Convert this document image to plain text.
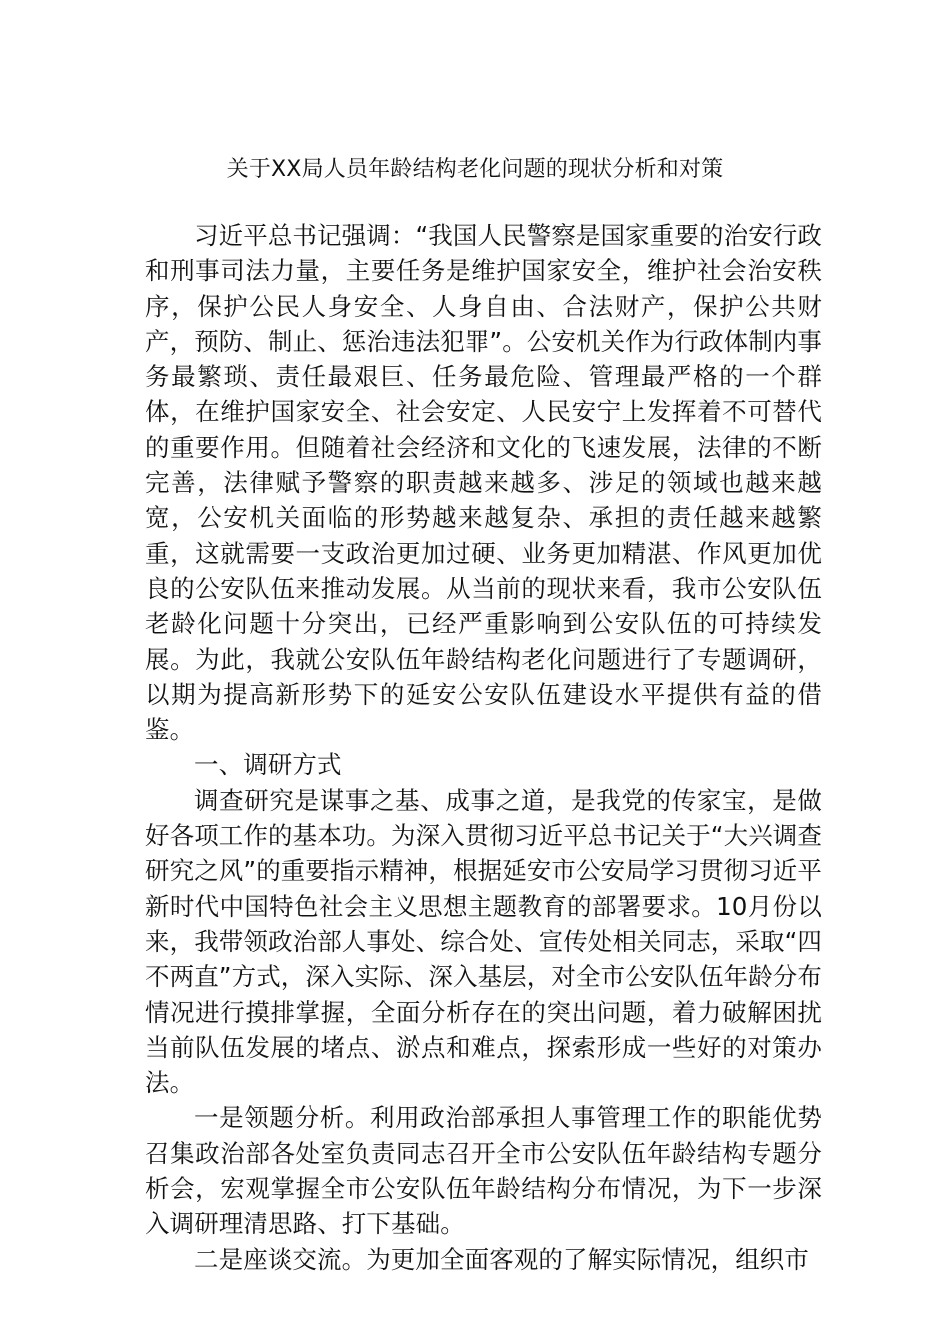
关于XX局人员年龄结构老化问题的现状分析和对策

习近平总书记强调：“我国人民警察是国家重要的治安行政和刑事司法力量，主要任务是维护国家安全，维护社会治安秩序，保护公民人身安全、人身自由、合法财产，保护公共财产，预防、制止、惩治违法犯罪”。公安机关作为行政体制内事务最繁琐、责任最艰巨、任务最危险、管理最严格的一个群体，在维护国家安全、社会安定、人民安宁上发挥着不可替代的重要作用。但随着社会经济和文化的飞速发展，法律的不断完善，法律赋予警察的职责越来越多、涉足的领域也越来越宽，公安机关面临的形势越来越复杂、承担的责任越来越繁重，这就需要一支政治更加过硬、业务更加精湛、作风更加优良的公安队伍来推动发展。从当前的现状来看，我市公安队伍老龄化问题十分突出，已经严重影响到公安队伍的可持续发展。为此，我就公安队伍年龄结构老化问题进行了专题调研，以期为提高新形势下的延安公安队伍建设水平提供有益的借鉴。

一、调研方式

调查研究是谋事之基、成事之道，是我党的传家宝，是做好各项工作的基本功。为深入贯彻习近平总书记关于“大兴调查研究之风”的重要指示精神，根据延安市公安局学习贯彻习近平新时代中国特色社会主义思想主题教育的部署要求。10月份以来，我带领政治部人事处、综合处、宣传处相关同志，采取“四不两直”方式，深入实际、深入基层，对全市公安队伍年龄分布情况进行摸排掌握，全面分析存在的突出问题，着力破解困扰当前队伍发展的堵点、淤点和难点，探索形成一些好的对策办法。

一是领题分析。利用政治部承担人事管理工作的职能优势召集政治部各处室负责同志召开全市公安队伍年龄结构专题分析会，宏观掌握全市公安队伍年龄结构分布情况，为下一步深入调研理清思路、打下基础。

二是座谈交流。为更加全面客观的了解实际情况，组织市
